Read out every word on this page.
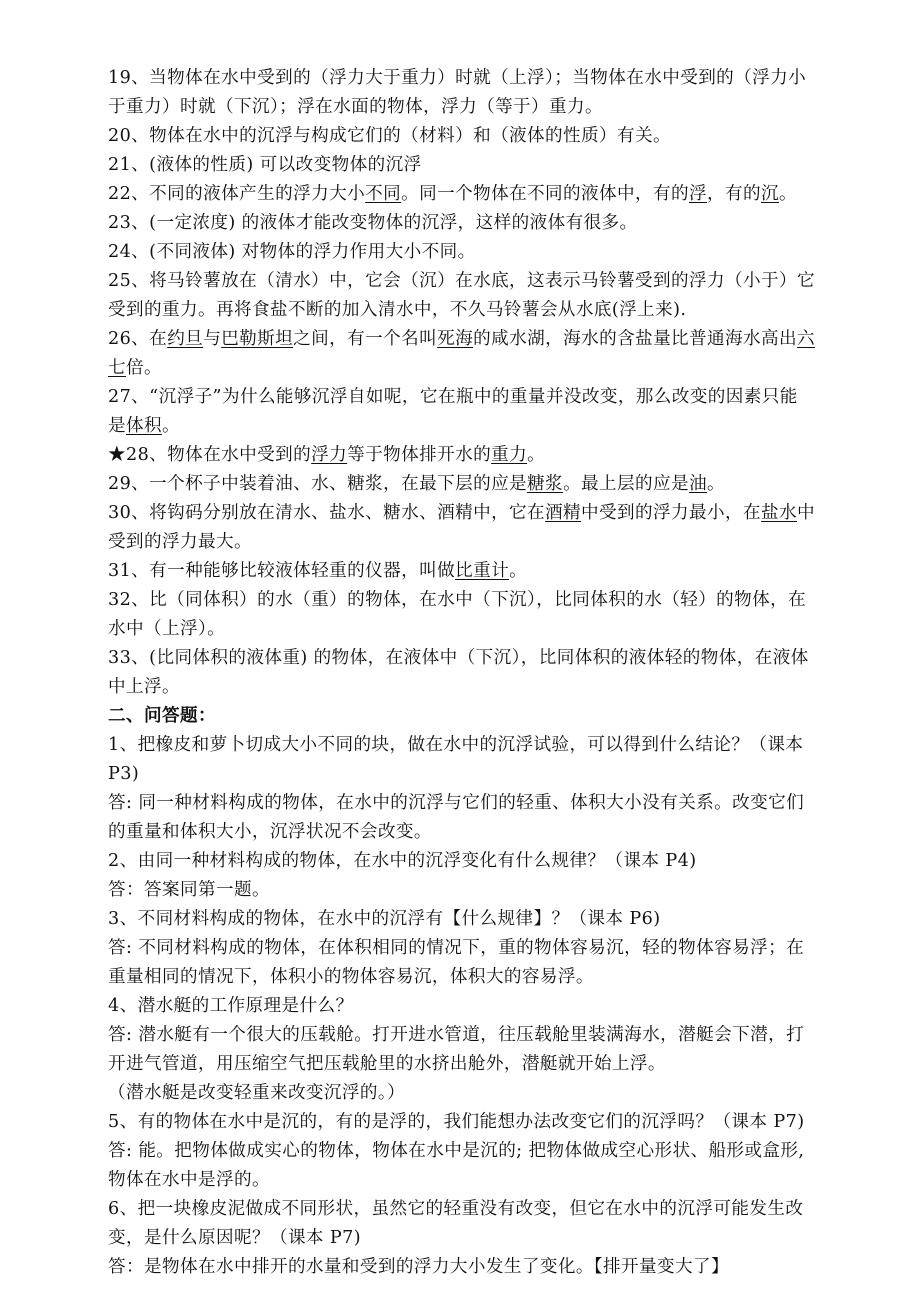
19、当物体在水中受到的（浮力大于重力）时就（上浮）；当物体在水中受到的（浮力小
于重力）时就（下沉）；浮在水面的物体，浮力（等于）重力。
20、物体在水中的沉浮与构成它们的（材料）和（液体的性质）有关。
21、(液体的性质) 可以改变物体的沉浮
22、不同的液体产生的浮力大小不同。同一个物体在不同的液体中，有的浮，有的沉。
23、(一定浓度) 的液体才能改变物体的沉浮，这样的液体有很多。
24、(不同液体) 对物体的浮力作用大小不同。
25、将马铃薯放在（清水）中，它会（沉）在水底，这表示马铃薯受到的浮力（小于）它
受到的重力。再将食盐不断的加入清水中，不久马铃薯会从水底(浮上来).
26、在约旦与巴勒斯坦之间，有一个名叫死海的咸水湖，海水的含盐量比普通海水高出六
七倍。
27、“沉浮子”为什么能够沉浮自如呢，它在瓶中的重量并没改变，那么改变的因素只能
是体积。
★28、物体在水中受到的浮力等于物体排开水的重力。
29、一个杯子中装着油、水、糖浆，在最下层的应是糖浆。最上层的应是油。
30、将钩码分别放在清水、盐水、糖水、酒精中，它在酒精中受到的浮力最小，在盐水中
受到的浮力最大。
31、有一种能够比较液体轻重的仪器，叫做比重计。
32、比（同体积）的水（重）的物体，在水中（下沉），比同体积的水（轻）的物体，在
水中（上浮）。
33、(比同体积的液体重) 的物体，在液体中（下沉），比同体积的液体轻的物体，在液体
中上浮。
二、问答题：
1、把橡皮和萝卜切成大小不同的块，做在水中的沉浮试验，可以得到什么结论？（课本
P3)
答: 同一种材料构成的物体，在水中的沉浮与它们的轻重、体积大小没有关系。改变它们
的重量和体积大小，沉浮状况不会改变。
2、由同一种材料构成的物体，在水中的沉浮变化有什么规律？（课本 P4)
答：答案同第一题。
3、不同材料构成的物体，在水中的沉浮有【什么规律】？（课本 P6)
答: 不同材料构成的物体，在体积相同的情况下，重的物体容易沉，轻的物体容易浮；在
重量相同的情况下，体积小的物体容易沉，体积大的容易浮。
4、潜水艇的工作原理是什么？
答: 潜水艇有一个很大的压载舱。打开进水管道，往压载舱里装满海水，潜艇会下潜，打
开进气管道，用压缩空气把压载舱里的水挤出舱外，潜艇就开始上浮。
（潜水艇是改变轻重来改变沉浮的。）
5、有的物体在水中是沉的，有的是浮的，我们能想办法改变它们的沉浮吗？（课本 P7)
答: 能。把物体做成实心的物体，物体在水中是沉的; 把物体做成空心形状、船形或盒形,
物体在水中是浮的。
6、把一块橡皮泥做成不同形状，虽然它的轻重没有改变，但它在水中的沉浮可能发生改
变，是什么原因呢？（课本 P7)
答：是物体在水中排开的水量和受到的浮力大小发生了变化。【排开量变大了】
